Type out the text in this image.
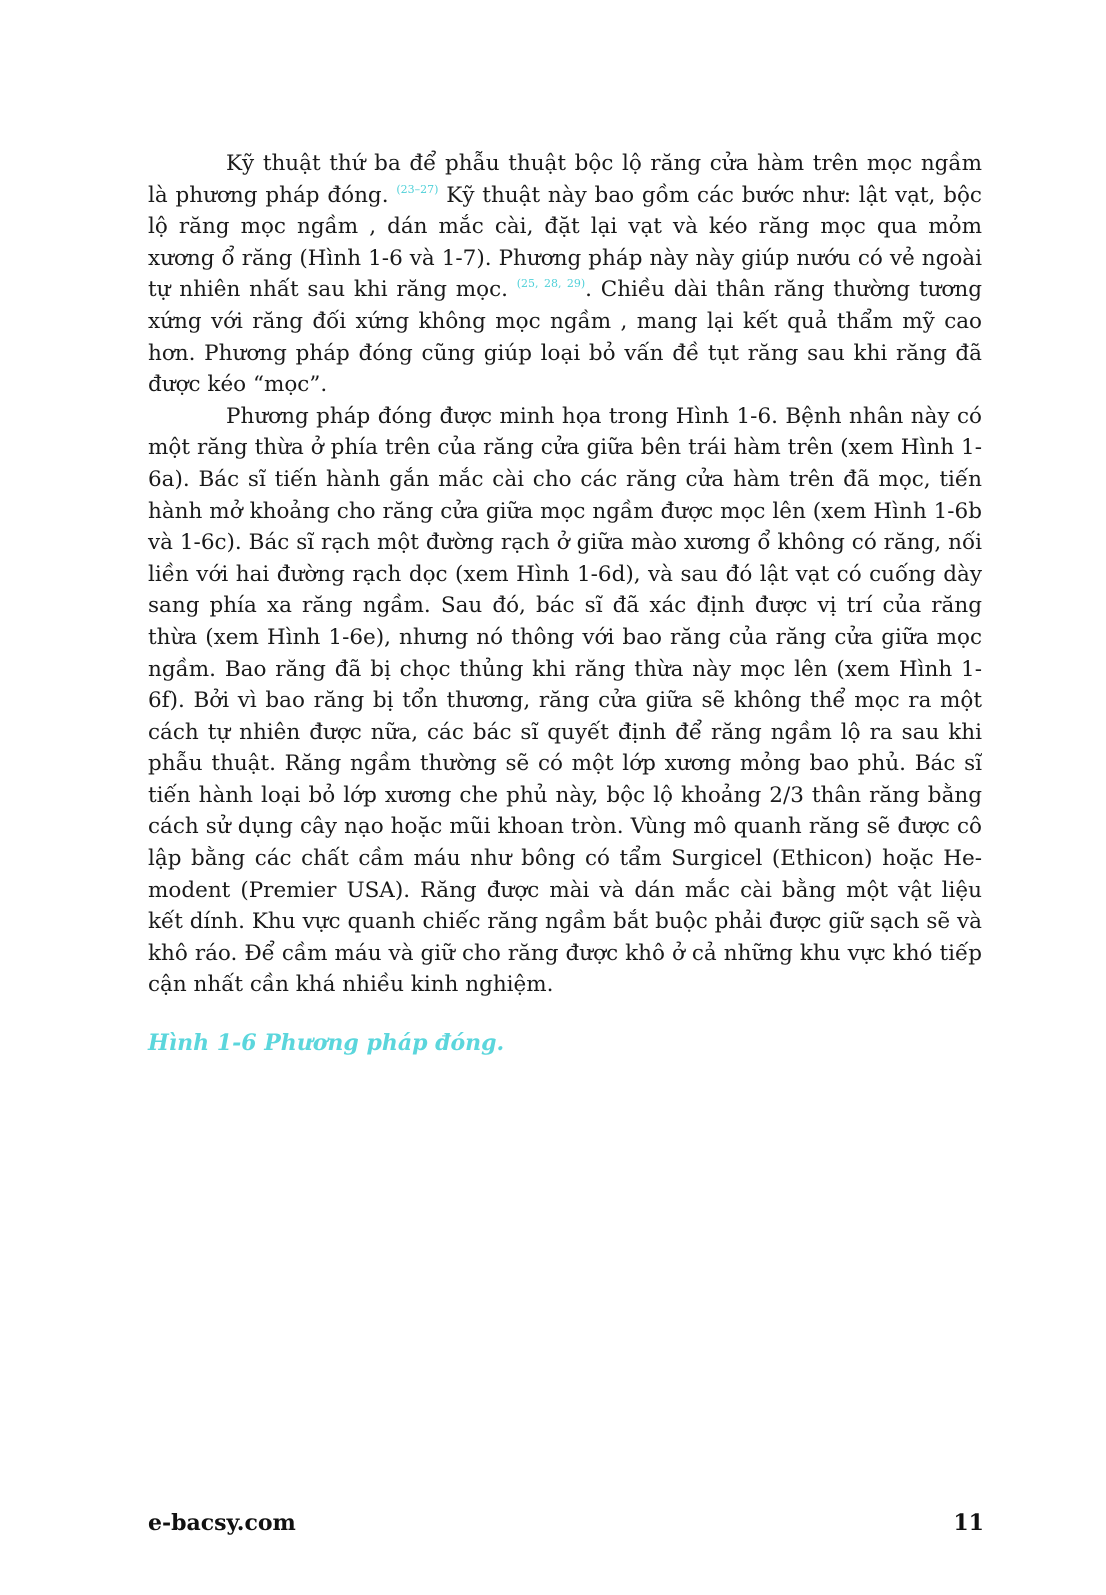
Kỹ thuật thứ ba để phẫu thuật bộc lộ răng cửa hàm trên mọc ngầm là phương pháp đóng. $^{(23-27)}$ Kỹ thuật này bao gồm các bước như: lật vạt, bộc lộ răng mọc ngầm , dán mắc cài, đặt lại vạt và kéo răng mọc qua mỏm xương ổ răng (Hình 1-6 và 1-7). Phương pháp này này giúp nướu có vẻ ngoài tự nhiên nhất sau khi răng mọc. $^{(25, 28, 29)}$. Chiều dài thân răng thường tương xứng với răng đối xứng không mọc ngầm , mang lại kết quả thẩm mỹ cao hơn. Phương pháp đóng cũng giúp loại bỏ vấn đề tụt răng sau khi răng đã được kéo “mọc”.

Phương pháp đóng được minh họa trong Hình 1-6. Bệnh nhân này có một răng thừa ở phía trên của răng cửa giữa bên trái hàm trên (xem Hình 1-6a). Bác sĩ tiến hành gắn mắc cài cho các răng cửa hàm trên đã mọc, tiến hành mở khoảng cho răng cửa giữa mọc ngầm được mọc lên (xem Hình 1-6b và 1-6c). Bác sĩ rạch một đường rạch ở giữa mào xương ổ không có răng, nối liền với hai đường rạch dọc (xem Hình 1-6d), và sau đó lật vạt có cuống dày sang phía xa răng ngầm. Sau đó, bác sĩ đã xác định được vị trí của răng thừa (xem Hình 1-6e), nhưng nó thông với bao răng của răng cửa giữa mọc ngầm. Bao răng đã bị chọc thủng khi răng thừa này mọc lên (xem Hình 1-6f). Bởi vì bao răng bị tổn thương, răng cửa giữa sẽ không thể mọc ra một cách tự nhiên được nữa, các bác sĩ quyết định để răng ngầm lộ ra sau khi phẫu thuật. Răng ngầm thường sẽ có một lớp xương mỏng bao phủ. Bác sĩ tiến hành loại bỏ lớp xương che phủ này, bộc lộ khoảng 2/3 thân răng bằng cách sử dụng cây nạo hoặc mũi khoan tròn. Vùng mô quanh răng sẽ được cô lập bằng các chất cầm máu như bông có tẩm Surgicel (Ethicon) hoặc Hemodent (Premier USA). Răng được mài và dán mắc cài bằng một vật liệu kết dính. Khu vực quanh chiếc răng ngầm bắt buộc phải được giữ sạch sẽ và khô ráo. Để cầm máu và giữ cho răng được khô ở cả những khu vực khó tiếp cận nhất cần khá nhiều kinh nghiệm.

Hình 1-6 Phương pháp đóng.

e-bacsy.com	11
